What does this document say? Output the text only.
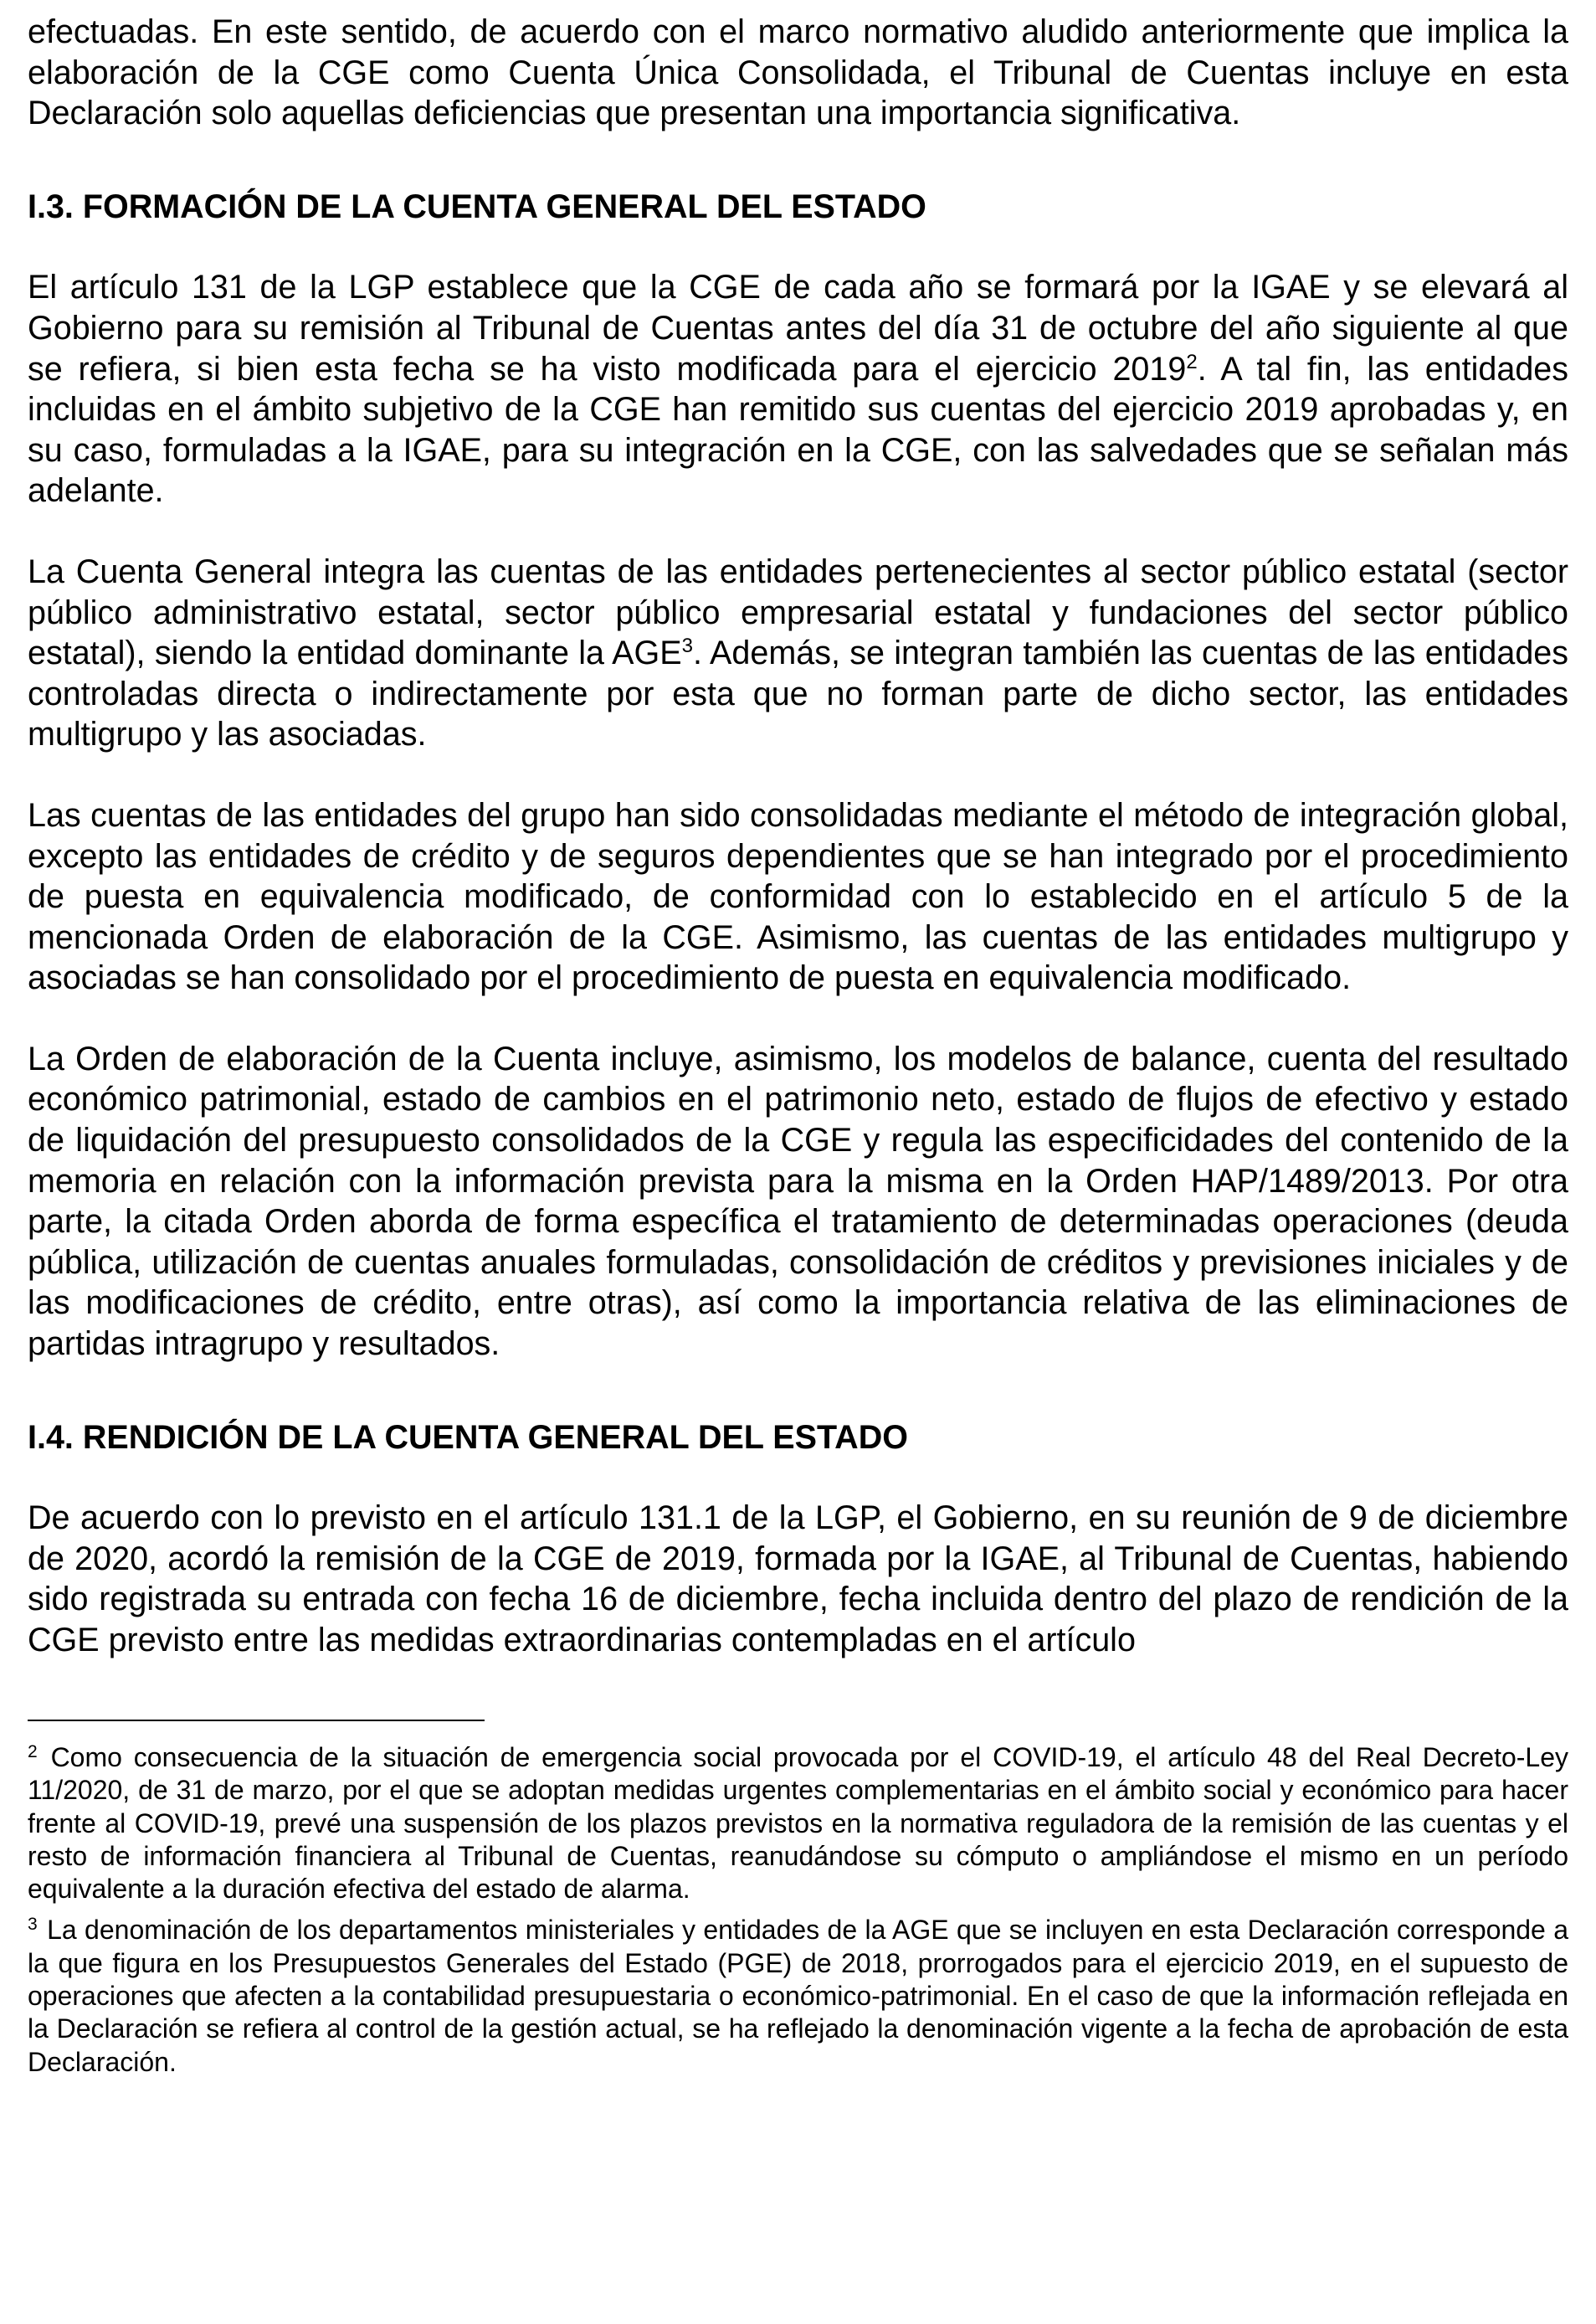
efectuadas. En este sentido, de acuerdo con el marco normativo aludido anteriormente que implica la elaboración de la CGE como Cuenta Única Consolidada, el Tribunal de Cuentas incluye en esta Declaración solo aquellas deficiencias que presentan una importancia significativa.

I.3. FORMACIÓN DE LA CUENTA GENERAL DEL ESTADO

El artículo 131 de la LGP establece que la CGE de cada año se formará por la IGAE y se elevará al Gobierno para su remisión al Tribunal de Cuentas antes del día 31 de octubre del año siguiente al que se refiera, si bien esta fecha se ha visto modificada para el ejercicio 2019$^2$. A tal fin, las entidades incluidas en el ámbito subjetivo de la CGE han remitido sus cuentas del ejercicio 2019 aprobadas y, en su caso, formuladas a la IGAE, para su integración en la CGE, con las salvedades que se señalan más adelante.

La Cuenta General integra las cuentas de las entidades pertenecientes al sector público estatal (sector público administrativo estatal, sector público empresarial estatal y fundaciones del sector público estatal), siendo la entidad dominante la AGE$^3$. Además, se integran también las cuentas de las entidades controladas directa o indirectamente por esta que no forman parte de dicho sector, las entidades multigrupo y las asociadas.

Las cuentas de las entidades del grupo han sido consolidadas mediante el método de integración global, excepto las entidades de crédito y de seguros dependientes que se han integrado por el procedimiento de puesta en equivalencia modificado, de conformidad con lo establecido en el artículo 5 de la mencionada Orden de elaboración de la CGE. Asimismo, las cuentas de las entidades multigrupo y asociadas se han consolidado por el procedimiento de puesta en equivalencia modificado.

La Orden de elaboración de la Cuenta incluye, asimismo, los modelos de balance, cuenta del resultado económico patrimonial, estado de cambios en el patrimonio neto, estado de flujos de efectivo y estado de liquidación del presupuesto consolidados de la CGE y regula las especificidades del contenido de la memoria en relación con la información prevista para la misma en la Orden HAP/1489/2013. Por otra parte, la citada Orden aborda de forma específica el tratamiento de determinadas operaciones (deuda pública, utilización de cuentas anuales formuladas, consolidación de créditos y previsiones iniciales y de las modificaciones de crédito, entre otras), así como la importancia relativa de las eliminaciones de partidas intragrupo y resultados.

I.4. RENDICIÓN DE LA CUENTA GENERAL DEL ESTADO

De acuerdo con lo previsto en el artículo 131.1 de la LGP, el Gobierno, en su reunión de 9 de diciembre de 2020, acordó la remisión de la CGE de 2019, formada por la IGAE, al Tribunal de Cuentas, habiendo sido registrada su entrada con fecha 16 de diciembre, fecha incluida dentro del plazo de rendición de la CGE previsto entre las medidas extraordinarias contempladas en el artículo

$^2$ Como consecuencia de la situación de emergencia social provocada por el COVID-19, el artículo 48 del Real Decreto-Ley 11/2020, de 31 de marzo, por el que se adoptan medidas urgentes complementarias en el ámbito social y económico para hacer frente al COVID-19, prevé una suspensión de los plazos previstos en la normativa reguladora de la remisión de las cuentas y el resto de información financiera al Tribunal de Cuentas, reanudándose su cómputo o ampliándose el mismo en un período equivalente a la duración efectiva del estado de alarma.

$^3$ La denominación de los departamentos ministeriales y entidades de la AGE que se incluyen en esta Declaración corresponde a la que figura en los Presupuestos Generales del Estado (PGE) de 2018, prorrogados para el ejercicio 2019, en el supuesto de operaciones que afecten a la contabilidad presupuestaria o económico-patrimonial. En el caso de que la información reflejada en la Declaración se refiera al control de la gestión actual, se ha reflejado la denominación vigente a la fecha de aprobación de esta Declaración.
